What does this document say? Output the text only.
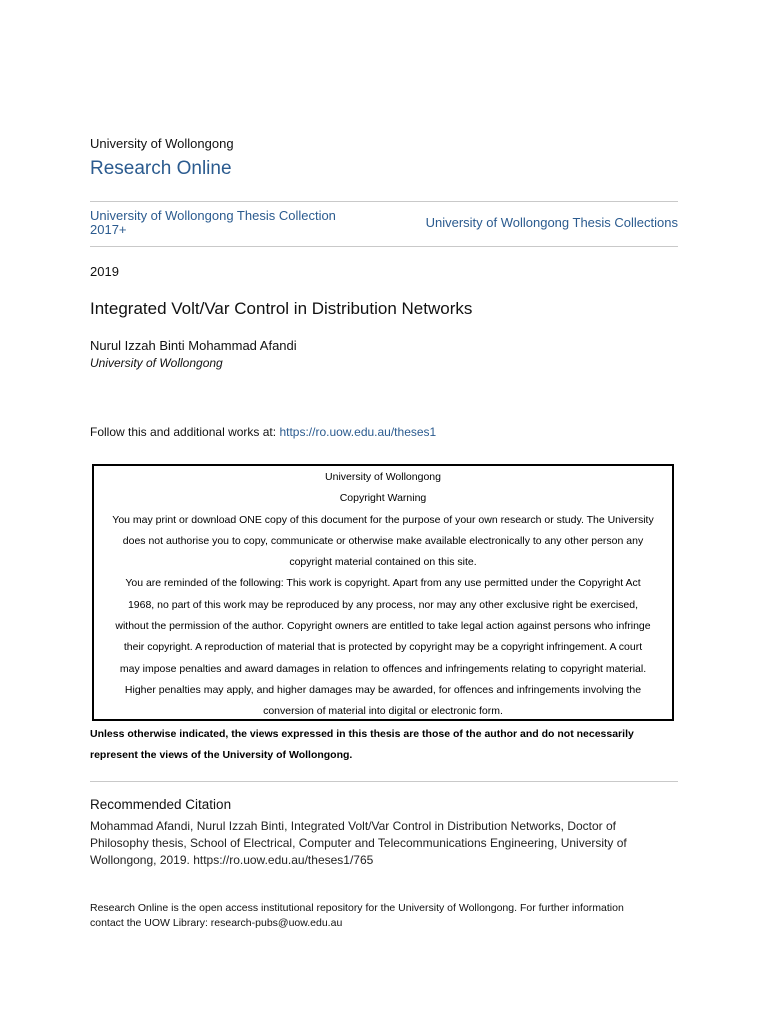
University of Wollongong
Research Online
University of Wollongong Thesis Collection
2017+	University of Wollongong Thesis Collections
2019
Integrated Volt/Var Control in Distribution Networks
Nurul Izzah Binti Mohammad Afandi
University of Wollongong
Follow this and additional works at: https://ro.uow.edu.au/theses1
University of Wollongong
Copyright Warning
You may print or download ONE copy of this document for the purpose of your own research or study. The University
does not authorise you to copy, communicate or otherwise make available electronically to any other person any
copyright material contained on this site.
You are reminded of the following: This work is copyright. Apart from any use permitted under the Copyright Act
1968, no part of this work may be reproduced by any process, nor may any other exclusive right be exercised,
without the permission of the author. Copyright owners are entitled to take legal action against persons who infringe
their copyright. A reproduction of material that is protected by copyright may be a copyright infringement. A court
may impose penalties and award damages in relation to offences and infringements relating to copyright material.
Higher penalties may apply, and higher damages may be awarded, for offences and infringements involving the
conversion of material into digital or electronic form.
Unless otherwise indicated, the views expressed in this thesis are those of the author and do not necessarily
represent the views of the University of Wollongong.
Recommended Citation
Mohammad Afandi, Nurul Izzah Binti, Integrated Volt/Var Control in Distribution Networks, Doctor of
Philosophy thesis, School of Electrical, Computer and Telecommunications Engineering, University of
Wollongong, 2019. https://ro.uow.edu.au/theses1/765
Research Online is the open access institutional repository for the University of Wollongong. For further information
contact the UOW Library: research-pubs@uow.edu.au
